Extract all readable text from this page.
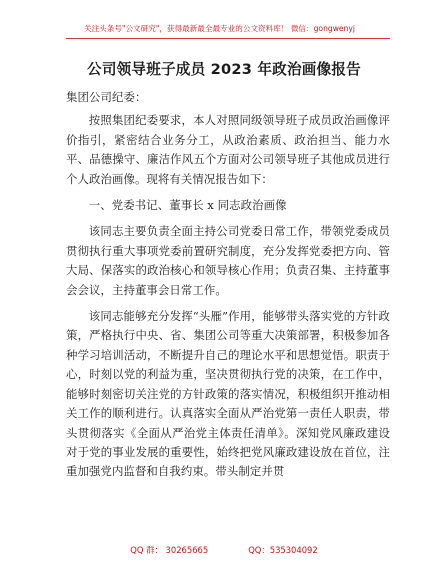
关注头条号"公文研究"，获得最新最全最专业的公文资料库！ 微信：gongwenyj
公司领导班子成员 2023 年政治画像报告

集团公司纪委：

按照集团纪委要求，本人对照同级领导班子成员政治画像评价指引，紧密结合业务分工，从政治素质、政治担当、能力水平、品德操守、廉洁作风五个方面对公司领导班子其他成员进行个人政治画像。现将有关情况报告如下：

一、党委书记、董事长 x 同志政治画像

该同志主要负责全面主持公司党委日常工作，带领党委成员贯彻执行重大事项党委前置研究制度，充分发挥党委把方向、管大局、保落实的政治核心和领导核心作用；负责召集、主持董事会会议，主持董事会日常工作。

该同志能够充分发挥“头雁”作用，能够带头落实党的方针政策，严格执行中央、省、集团公司等重大决策部署，积极参加各种学习培训活动，不断提升自己的理论水平和思想觉悟。职责于心，时刻以党的利益为重，坚决贯彻执行党的决策，在工作中，能够时刻密切关注党的方针政策的落实情况，积极组织开推动相关工作的顺利进行。认真落实全面从严治党第一责任人职责，带头贯彻落实《全面从严治党主体责任清单》。深知党风廉政建设对于党的事业发展的重要性，始终把党风廉政建设放在首位，注重加强党内监督和自我约束。带头制定并贯

QQ 群： 30265665	QQ：535304092
